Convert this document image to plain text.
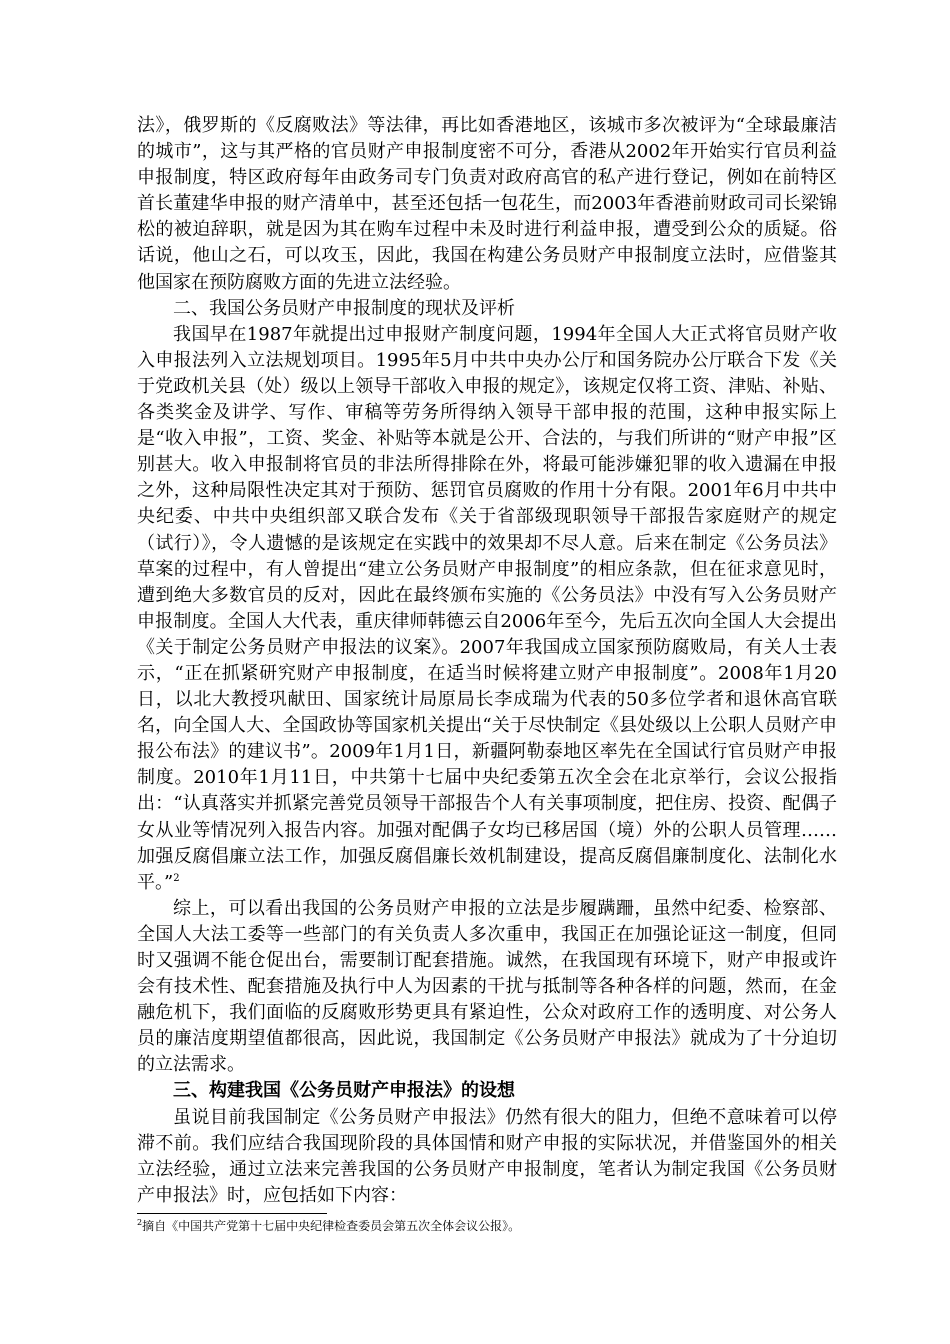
法》，俄罗斯的《反腐败法》等法律，再比如香港地区，该城市多次被评为“全球最廉洁的城市”，这与其严格的官员财产申报制度密不可分，香港从2002年开始实行官员利益申报制度，特区政府每年由政务司专门负责对政府高官的私产进行登记，例如在前特区首长董建华申报的财产清单中，甚至还包括一包花生，而2003年香港前财政司司长梁锦松的被迫辞职，就是因为其在购车过程中未及时进行利益申报，遭受到公众的质疑。俗话说，他山之石，可以攻玉，因此，我国在构建公务员财产申报制度立法时，应借鉴其他国家在预防腐败方面的先进立法经验。

二、我国公务员财产申报制度的现状及评析

我国早在1987年就提出过申报财产制度问题，1994年全国人大正式将官员财产收入申报法列入立法规划项目。1995年5月中共中央办公厅和国务院办公厅联合下发《关于党政机关县（处）级以上领导干部收入申报的规定》，该规定仅将工资、津贴、补贴、各类奖金及讲学、写作、审稿等劳务所得纳入领导干部申报的范围，这种申报实际上是“收入申报”，工资、奖金、补贴等本就是公开、合法的，与我们所讲的“财产申报”区别甚大。收入申报制将官员的非法所得排除在外，将最可能涉嫌犯罪的收入遗漏在申报之外，这种局限性决定其对于预防、惩罚官员腐败的作用十分有限。2001年6月中共中央纪委、中共中央组织部又联合发布《关于省部级现职领导干部报告家庭财产的规定（试行）》，令人遗憾的是该规定在实践中的效果却不尽人意。后来在制定《公务员法》草案的过程中，有人曾提出“建立公务员财产申报制度”的相应条款，但在征求意见时，遭到绝大多数官员的反对，因此在最终颁布实施的《公务员法》中没有写入公务员财产申报制度。全国人大代表，重庆律师韩德云自2006年至今，先后五次向全国人大会提出《关于制定公务员财产申报法的议案》。2007年我国成立国家预防腐败局，有关人士表示，“正在抓紧研究财产申报制度，在适当时候将建立财产申报制度”。2008年1月20日，以北大教授巩献田、国家统计局原局长李成瑞为代表的50多位学者和退休高官联名，向全国人大、全国政协等国家机关提出“关于尽快制定《县处级以上公职人员财产申报公布法》的建议书”。2009年1月1日，新疆阿勒泰地区率先在全国试行官员财产申报制度。2010年1月11日，中共第十七届中央纪委第五次全会在北京举行，会议公报指出：“认真落实并抓紧完善党员领导干部报告个人有关事项制度，把住房、投资、配偶子女从业等情况列入报告内容。加强对配偶子女均已移居国（境）外的公职人员管理……加强反腐倡廉立法工作，加强反腐倡廉长效机制建设，提高反腐倡廉制度化、法制化水平。”$^2$

综上，可以看出我国的公务员财产申报的立法是步履蹒跚，虽然中纪委、检察部、全国人大法工委等一些部门的有关负责人多次重申，我国正在加强论证这一制度，但同时又强调不能仓促出台，需要制订配套措施。诚然，在我国现有环境下，财产申报或许会有技术性、配套措施及执行中人为因素的干扰与抵制等各种各样的问题，然而，在金融危机下，我们面临的反腐败形势更具有紧迫性，公众对政府工作的透明度、对公务人员的廉洁度期望值都很高，因此说，我国制定《公务员财产申报法》就成为了十分迫切的立法需求。

三、构建我国《公务员财产申报法》的设想

虽说目前我国制定《公务员财产申报法》仍然有很大的阻力，但绝不意味着可以停滞不前。我们应结合我国现阶段的具体国情和财产申报的实际状况，并借鉴国外的相关立法经验，通过立法来完善我国的公务员财产申报制度，笔者认为制定我国《公务员财产申报法》时，应包括如下内容：

$^2$摘自《中国共产党第十七届中央纪律检查委员会第五次全体会议公报》。
